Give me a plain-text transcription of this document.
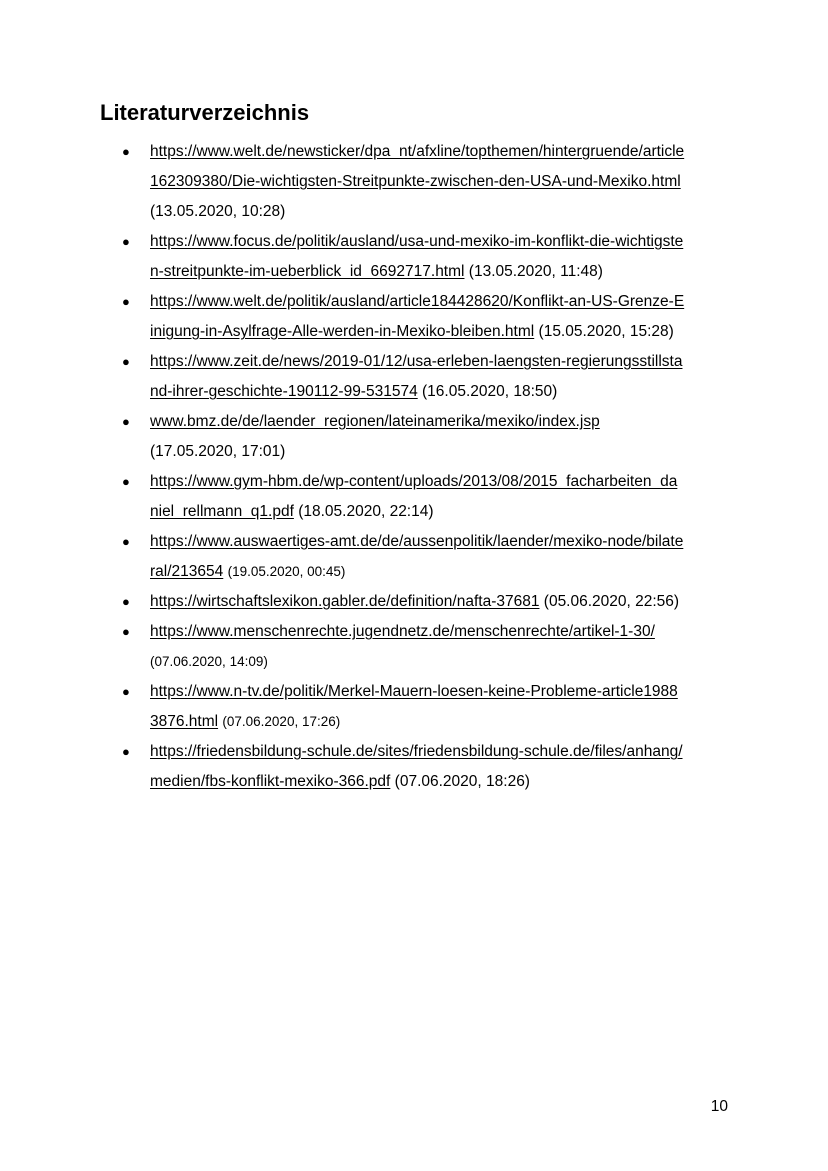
Literaturverzeichnis
● https://www.welt.de/newsticker/dpa_nt/afxline/topthemen/hintergruende/article
162309380/Die-wichtigsten-Streitpunkte-zwischen-den-USA-und-Mexiko.html
(13.05.2020, 10:28)
● https://www.focus.de/politik/ausland/usa-und-mexiko-im-konflikt-die-wichtigste
n-streitpunkte-im-ueberblick_id_6692717.html (13.05.2020, 11:48)
● https://www.welt.de/politik/ausland/article184428620/Konflikt-an-US-Grenze-E
inigung-in-Asylfrage-Alle-werden-in-Mexiko-bleiben.html (15.05.2020, 15:28)
● https://www.zeit.de/news/2019-01/12/usa-erleben-laengsten-regierungsstillsta
nd-ihrer-geschichte-190112-99-531574 (16.05.2020, 18:50)
● www.bmz.de/de/laender_regionen/lateinamerika/mexiko/index.jsp
(17.05.2020, 17:01)
● https://www.gym-hbm.de/wp-content/uploads/2013/08/2015_facharbeiten_da
niel_rellmann_q1.pdf (18.05.2020, 22:14)
● https://www.auswaertiges-amt.de/de/aussenpolitik/laender/mexiko-node/bilate
ral/213654 (19.05.2020, 00:45)
● https://wirtschaftslexikon.gabler.de/definition/nafta-37681 (05.06.2020, 22:56)
● https://www.menschenrechte.jugendnetz.de/menschenrechte/artikel-1-30/
(07.06.2020, 14:09)
● https://www.n-tv.de/politik/Merkel-Mauern-loesen-keine-Probleme-article1988
3876.html (07.06.2020, 17:26)
● https://friedensbildung-schule.de/sites/friedensbildung-schule.de/files/anhang/
medien/fbs-konflikt-mexiko-366.pdf (07.06.2020, 18:26)
10
